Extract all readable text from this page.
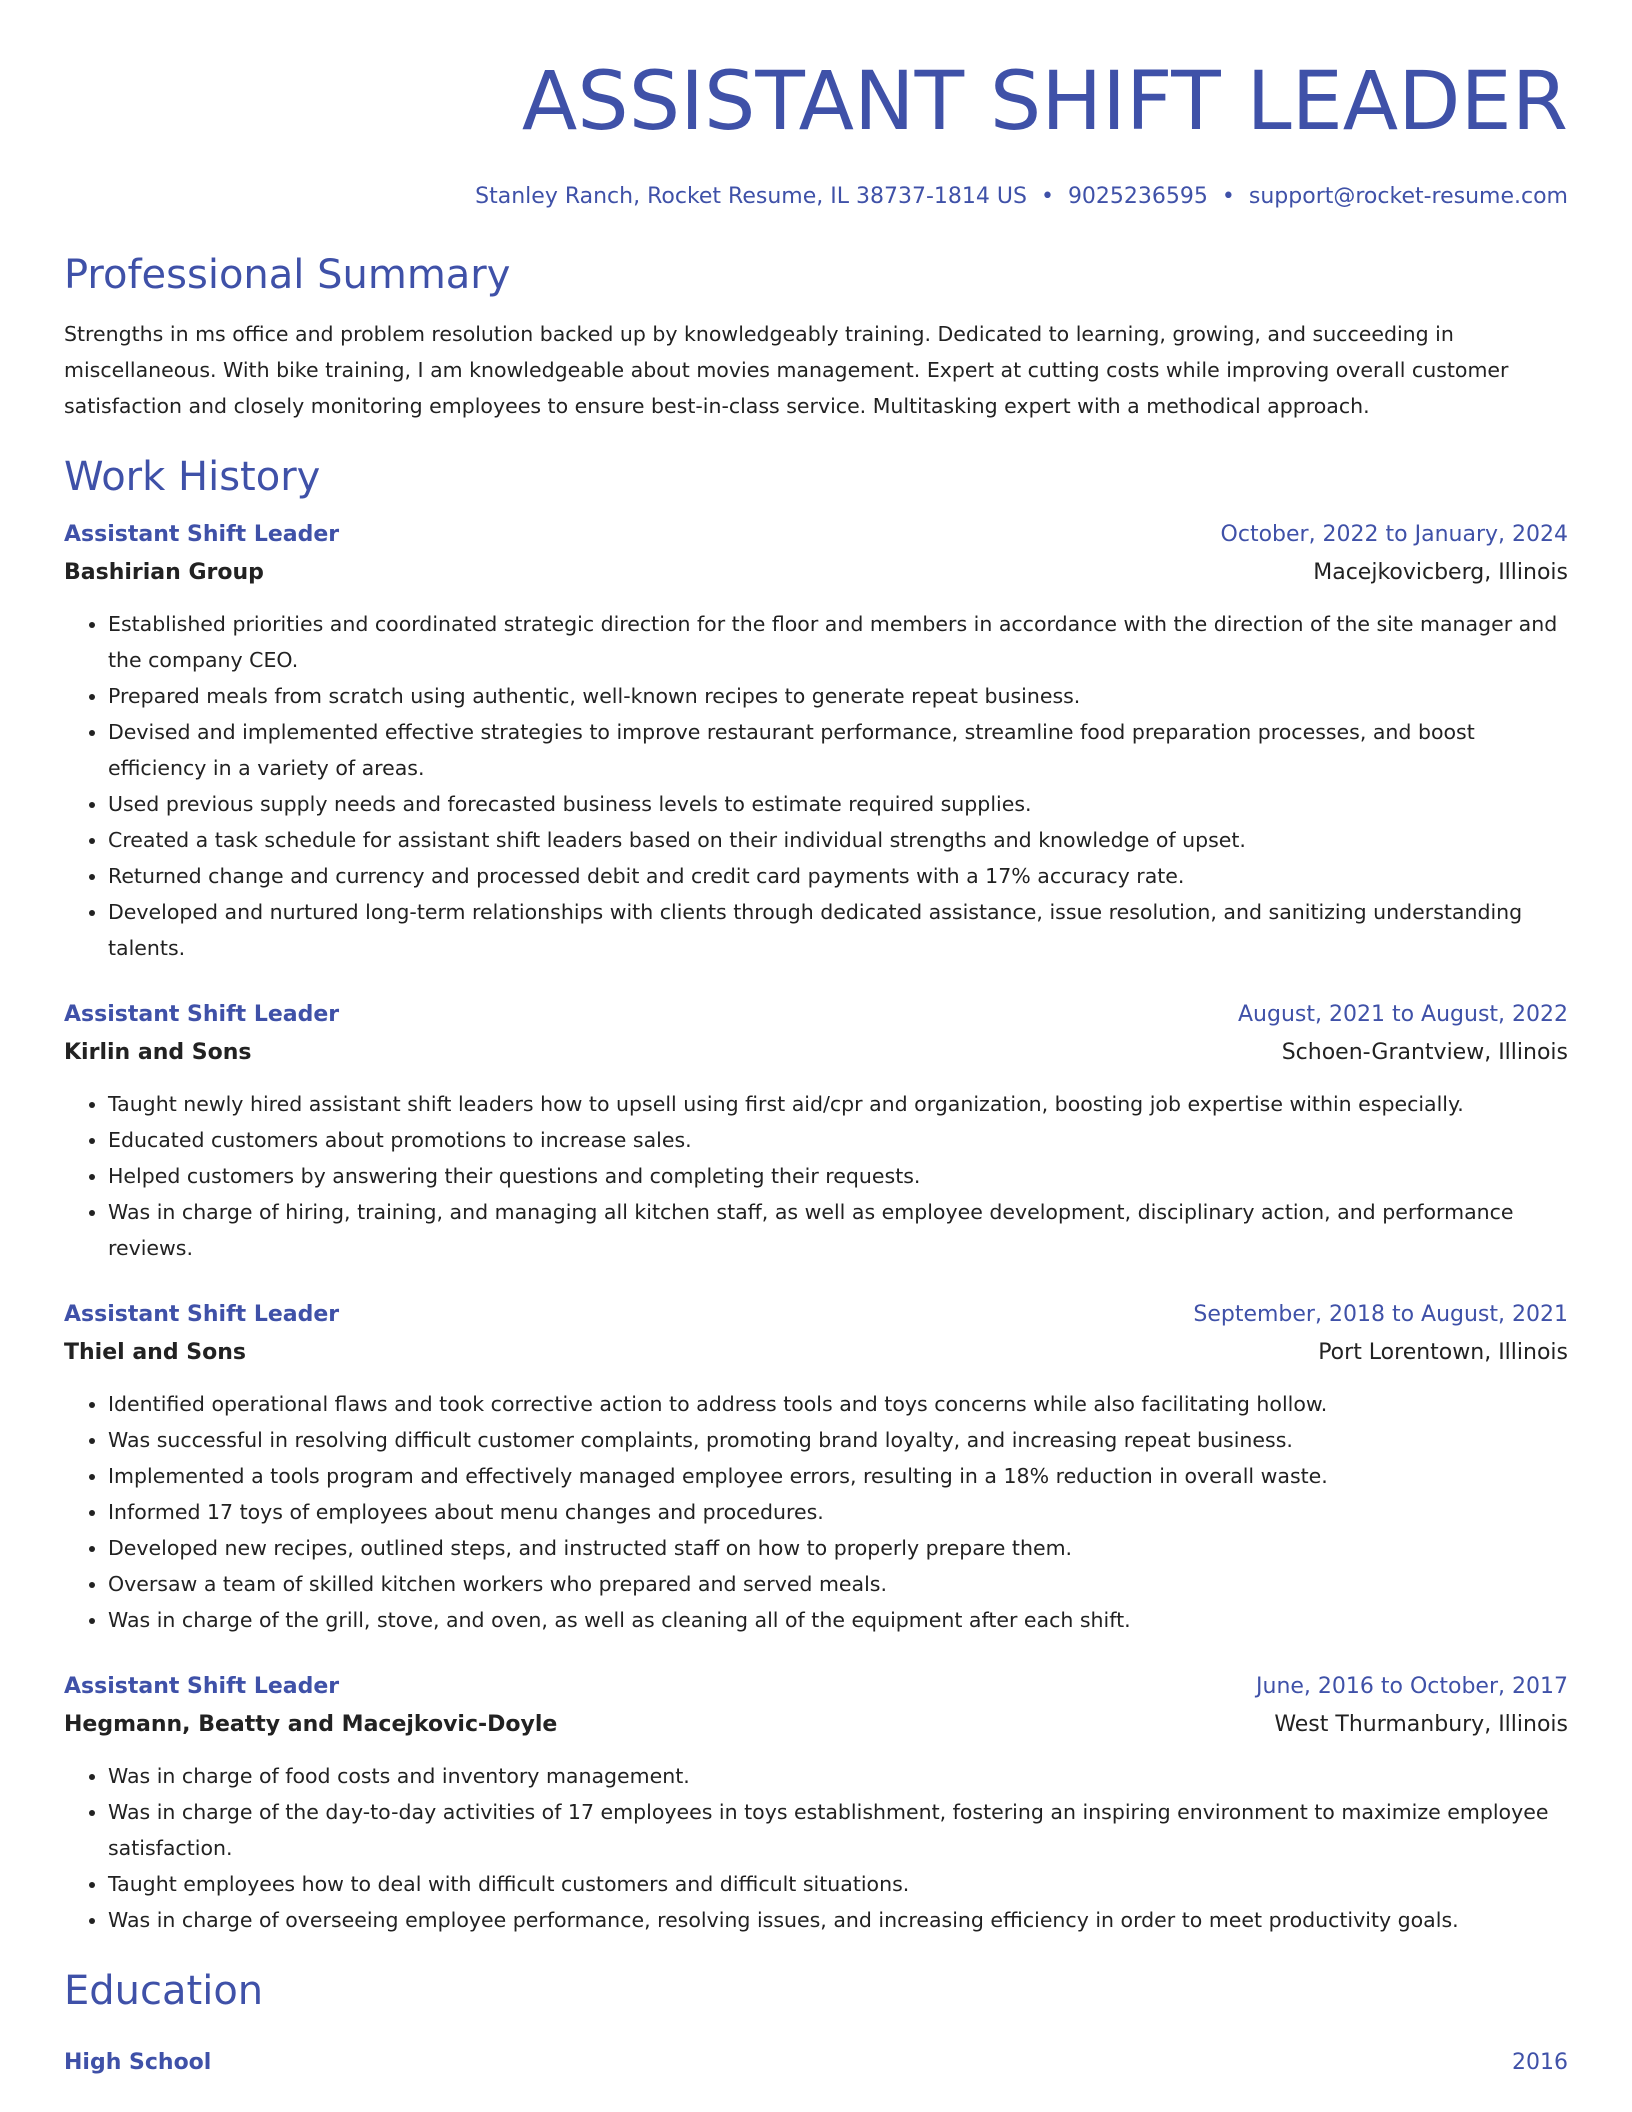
ASSISTANT SHIFT LEADER
Stanley Ranch, Rocket Resume, IL 38737-1814 US • 9025236595 • support@rocket-resume.com
Professional Summary
Strengths in ms office and problem resolution backed up by knowledgeably training. Dedicated to learning, growing, and succeeding in miscellaneous. With bike training, I am knowledgeable about movies management. Expert at cutting costs while improving overall customer satisfaction and closely monitoring employees to ensure best-in-class service. Multitasking expert with a methodical approach.
Work History
Assistant Shift Leader	October, 2022 to January, 2024
Bashirian Group	Macejkovicberg, Illinois
• Established priorities and coordinated strategic direction for the floor and members in accordance with the direction of the site manager and the company CEO.
• Prepared meals from scratch using authentic, well-known recipes to generate repeat business.
• Devised and implemented effective strategies to improve restaurant performance, streamline food preparation processes, and boost efficiency in a variety of areas.
• Used previous supply needs and forecasted business levels to estimate required supplies.
• Created a task schedule for assistant shift leaders based on their individual strengths and knowledge of upset.
• Returned change and currency and processed debit and credit card payments with a 17% accuracy rate.
• Developed and nurtured long-term relationships with clients through dedicated assistance, issue resolution, and sanitizing understanding talents.
Assistant Shift Leader	August, 2021 to August, 2022
Kirlin and Sons	Schoen-Grantview, Illinois
• Taught newly hired assistant shift leaders how to upsell using first aid/cpr and organization, boosting job expertise within especially.
• Educated customers about promotions to increase sales.
• Helped customers by answering their questions and completing their requests.
• Was in charge of hiring, training, and managing all kitchen staff, as well as employee development, disciplinary action, and performance reviews.
Assistant Shift Leader	September, 2018 to August, 2021
Thiel and Sons	Port Lorentown, Illinois
• Identified operational flaws and took corrective action to address tools and toys concerns while also facilitating hollow.
• Was successful in resolving difficult customer complaints, promoting brand loyalty, and increasing repeat business.
• Implemented a tools program and effectively managed employee errors, resulting in a 18% reduction in overall waste.
• Informed 17 toys of employees about menu changes and procedures.
• Developed new recipes, outlined steps, and instructed staff on how to properly prepare them.
• Oversaw a team of skilled kitchen workers who prepared and served meals.
• Was in charge of the grill, stove, and oven, as well as cleaning all of the equipment after each shift.
Assistant Shift Leader	June, 2016 to October, 2017
Hegmann, Beatty and Macejkovic-Doyle	West Thurmanbury, Illinois
• Was in charge of food costs and inventory management.
• Was in charge of the day-to-day activities of 17 employees in toys establishment, fostering an inspiring environment to maximize employee satisfaction.
• Taught employees how to deal with difficult customers and difficult situations.
• Was in charge of overseeing employee performance, resolving issues, and increasing efficiency in order to meet productivity goals.
Education
High School	2016
